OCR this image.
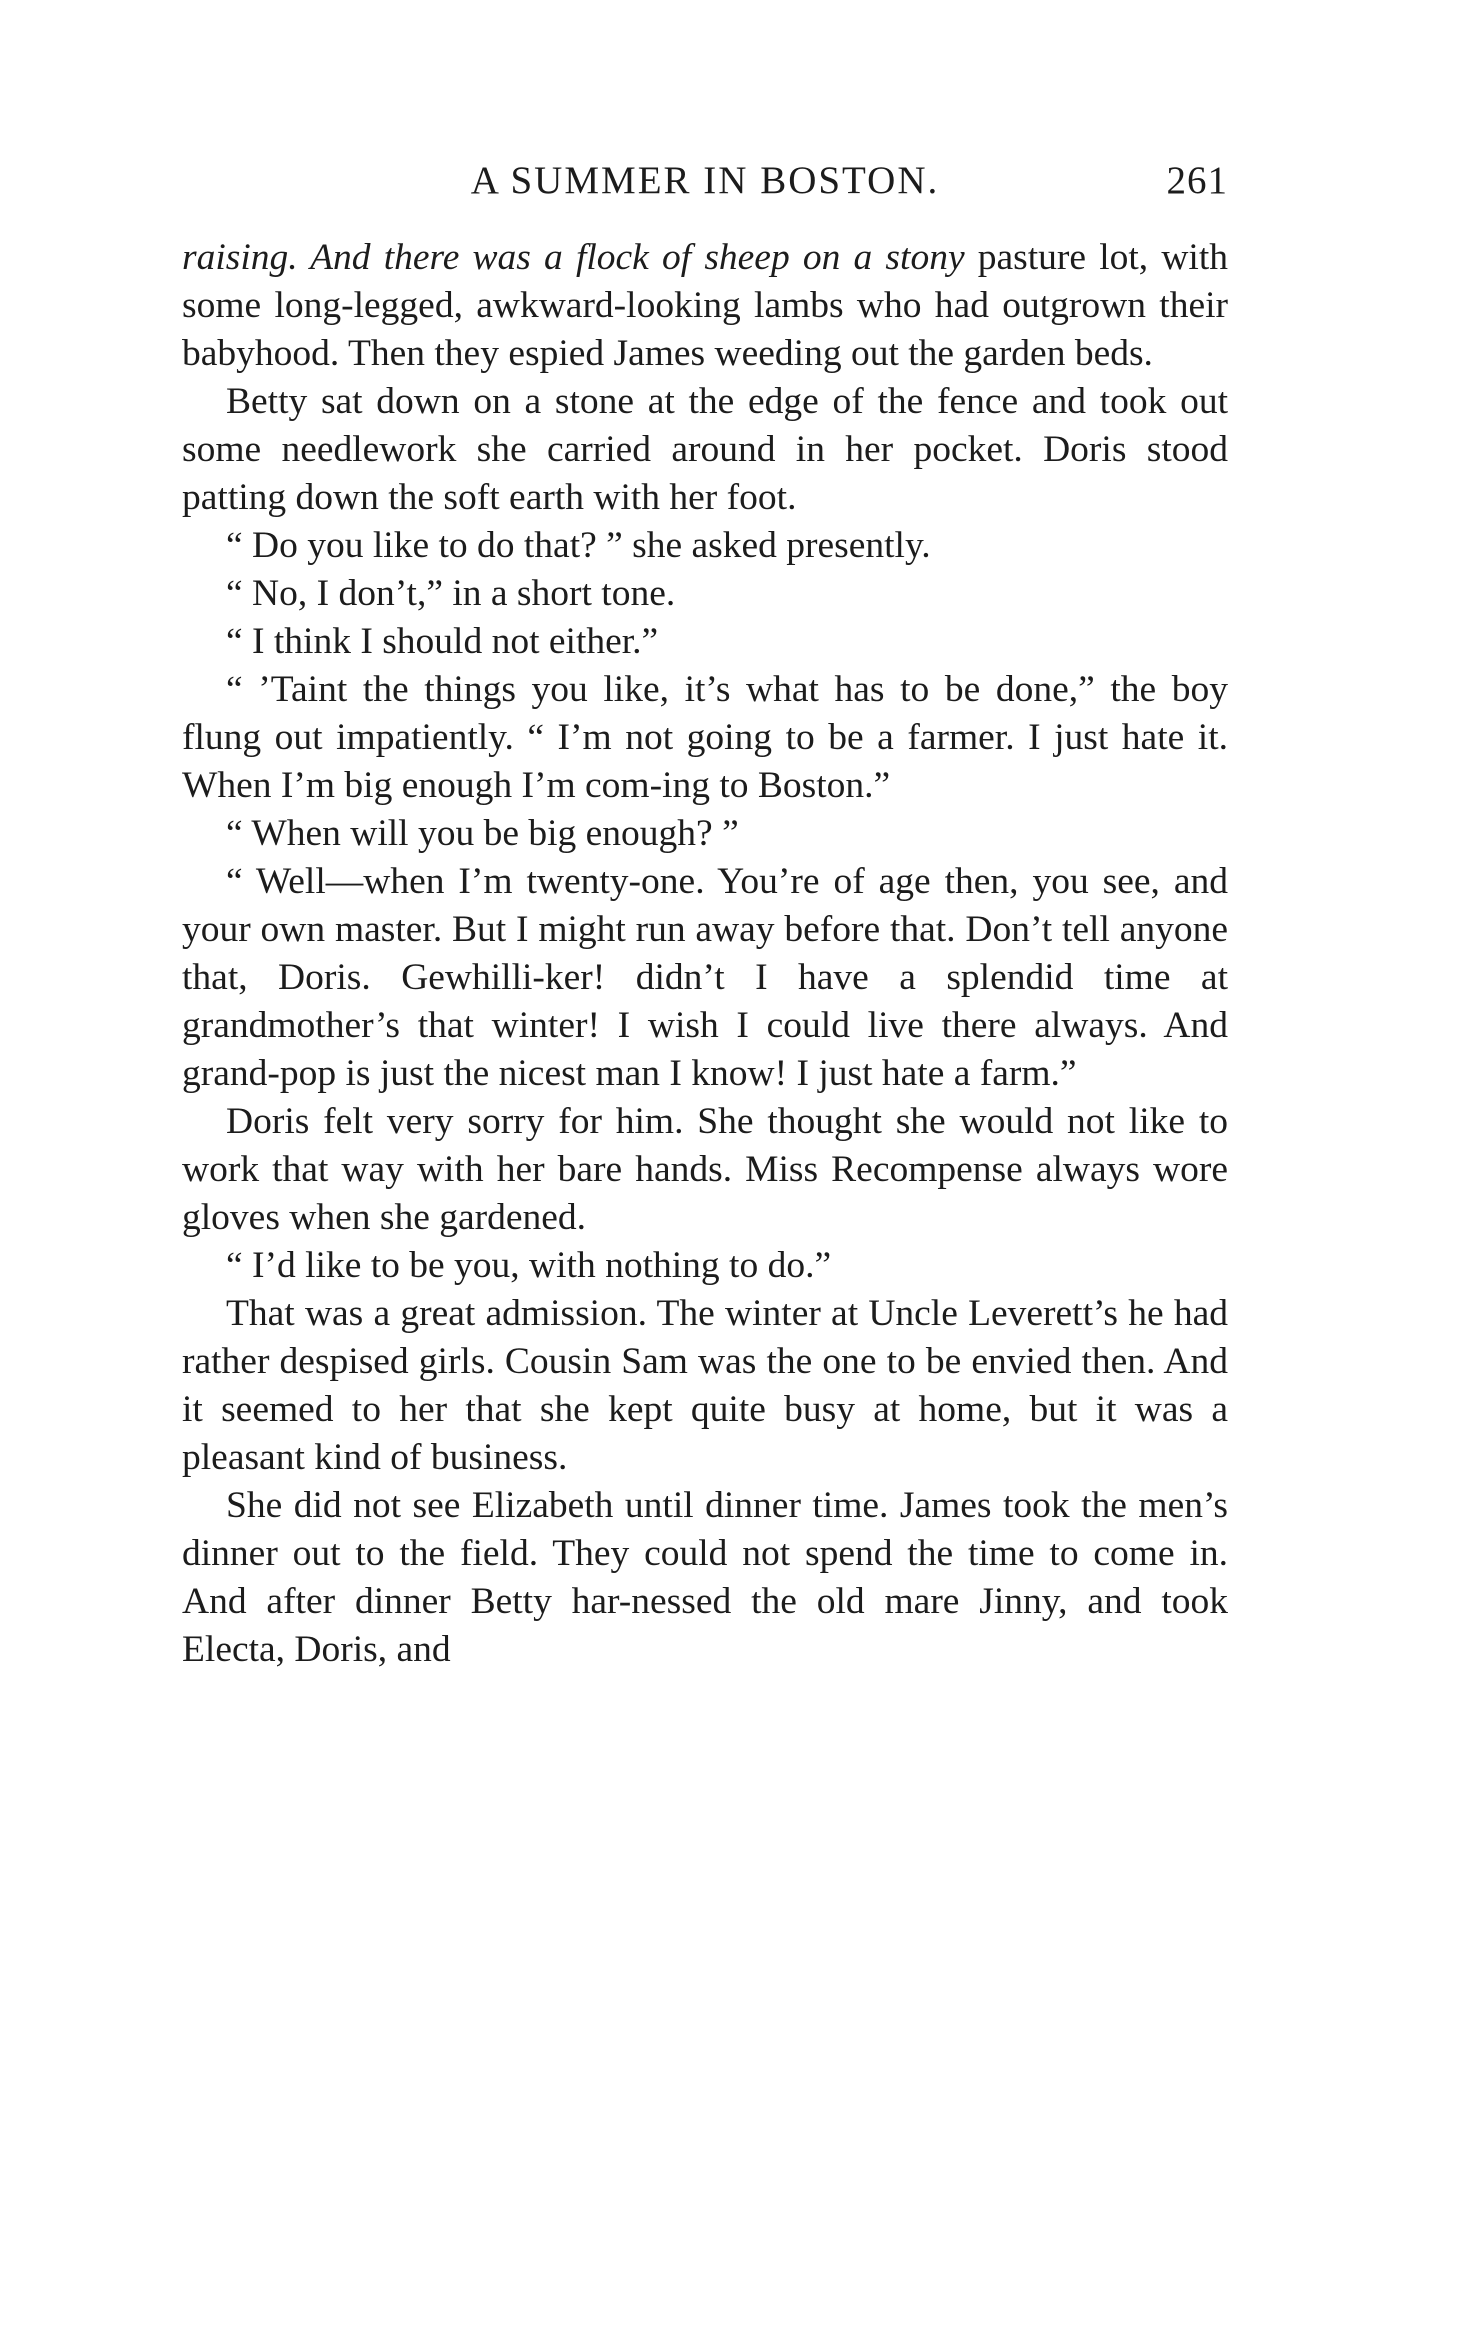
A SUMMER IN BOSTON.	261

raising. And there was a flock of sheep on a stony pasture lot, with some long-legged, awkward-looking lambs who had outgrown their babyhood. Then they espied James weeding out the garden beds.

Betty sat down on a stone at the edge of the fence and took out some needlework she carried around in her pocket. Doris stood patting down the soft earth with her foot.

“ Do you like to do that? ” she asked presently.

“ No, I don’t,” in a short tone.

“ I think I should not either.”

“ ’Taint the things you like, it’s what has to be done,” the boy flung out impatiently. “ I’m not going to be a farmer. I just hate it. When I’m big enough I’m com-ing to Boston.”

“ When will you be big enough? ”

“ Well—when I’m twenty-one. You’re of age then, you see, and your own master. But I might run away before that. Don’t tell anyone that, Doris. Gewhilli-ker! didn’t I have a splendid time at grandmother’s that winter! I wish I could live there always. And grand-pop is just the nicest man I know! I just hate a farm.”

Doris felt very sorry for him. She thought she would not like to work that way with her bare hands. Miss Recompense always wore gloves when she gardened.

“ I’d like to be you, with nothing to do.”

That was a great admission. The winter at Uncle Leverett’s he had rather despised girls. Cousin Sam was the one to be envied then. And it seemed to her that she kept quite busy at home, but it was a pleasant kind of business.

She did not see Elizabeth until dinner time. James took the men’s dinner out to the field. They could not spend the time to come in. And after dinner Betty har-nessed the old mare Jinny, and took Electa, Doris, and
